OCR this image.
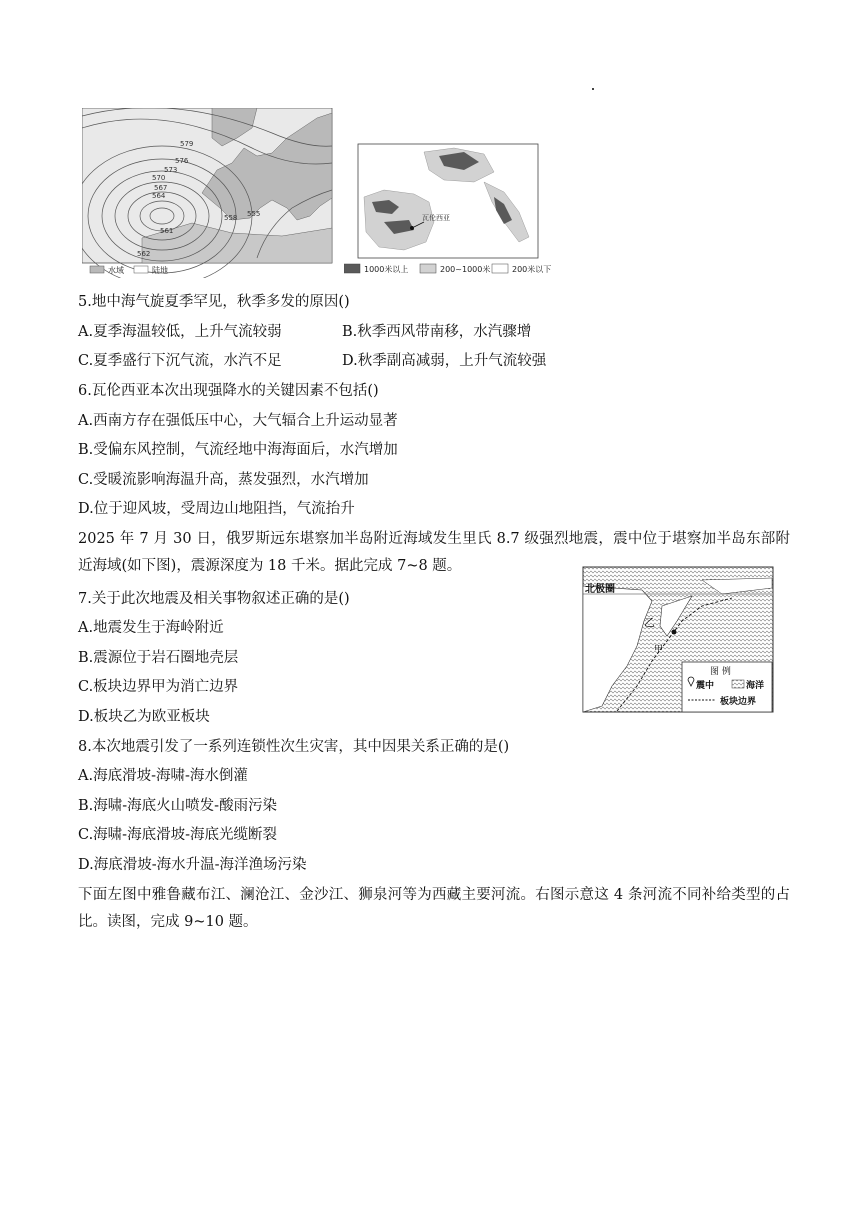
579
576
573
570
567
564
561
558 555
562
水域	陆地
瓦伦西亚
1000米以上	200~1000米	200米以下
5.地中海气旋夏季罕见，秋季多发的原因()
A.夏季海温较低，上升气流较弱	B.秋季西风带南移，水汽骤增
C.夏季盛行下沉气流，水汽不足	D.秋季副高减弱，上升气流较强
6.瓦伦西亚本次出现强降水的关键因素不包括()
A.西南方存在强低压中心，大气辐合上升运动显著
B.受偏东风控制，气流经地中海海面后，水汽增加
C.受暖流影响海温升高，蒸发强烈，水汽增加
D.位于迎风坡，受周边山地阻挡，气流抬升
2025 年 7 月 30 日，俄罗斯远东堪察加半岛附近海域发生里氏 8.7 级强烈地震，震中位于堪察加半岛东部附近海域(如下图)，震源深度为 18 千米。据此完成 7~8 题。
北极圈
乙
甲
图 例
震中	海洋
板块边界
7.关于此次地震及相关事物叙述正确的是()
A.地震发生于海岭附近
B.震源位于岩石圈地壳层
C.板块边界甲为消亡边界
D.板块乙为欧亚板块
8.本次地震引发了一系列连锁性次生灾害，其中因果关系正确的是()
A.海底滑坡-海啸-海水倒灌
B.海啸-海底火山喷发-酸雨污染
C.海啸-海底滑坡-海底光缆断裂
D.海底滑坡-海水升温-海洋渔场污染
下面左图中雅鲁藏布江、澜沧江、金沙江、狮泉河等为西藏主要河流。右图示意这 4 条河流不同补给类型的占比。读图，完成 9~10 题。
